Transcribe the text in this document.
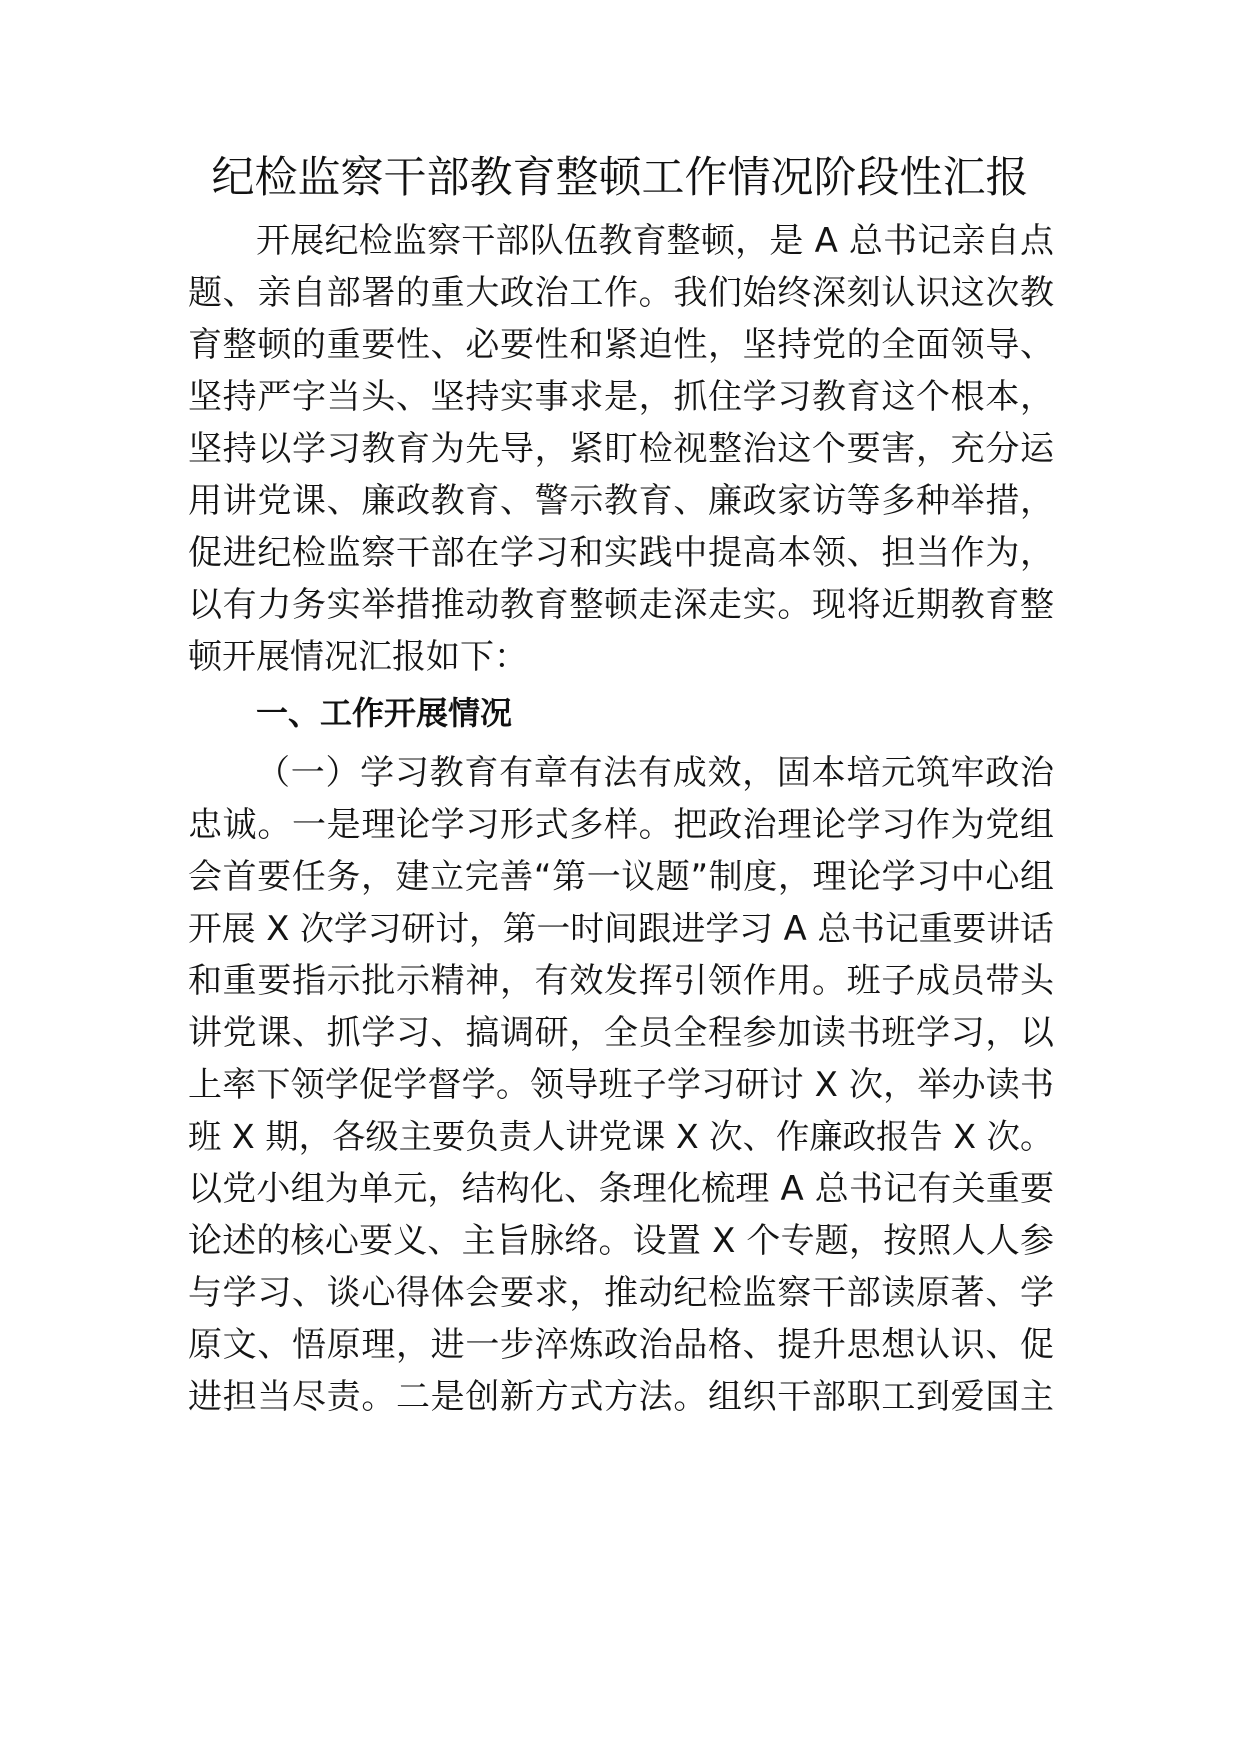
纪检监察干部教育整顿工作情况阶段性汇报
开展纪检监察干部队伍教育整顿，是 A 总书记亲自点
题、亲自部署的重大政治工作。我们始终深刻认识这次教
育整顿的重要性、必要性和紧迫性，坚持党的全面领导、
坚持严字当头、坚持实事求是，抓住学习教育这个根本，
坚持以学习教育为先导，紧盯检视整治这个要害，充分运
用讲党课、廉政教育、警示教育、廉政家访等多种举措，
促进纪检监察干部在学习和实践中提高本领、担当作为，
以有力务实举措推动教育整顿走深走实。现将近期教育整
顿开展情况汇报如下：
一、工作开展情况
（一）学习教育有章有法有成效，固本培元筑牢政治
忠诚。一是理论学习形式多样。把政治理论学习作为党组
会首要任务，建立完善“第一议题”制度，理论学习中心组
开展 X 次学习研讨，第一时间跟进学习 A 总书记重要讲话
和重要指示批示精神，有效发挥引领作用。班子成员带头
讲党课、抓学习、搞调研，全员全程参加读书班学习，以
上率下领学促学督学。领导班子学习研讨 X 次，举办读书
班 X 期，各级主要负责人讲党课 X 次、作廉政报告 X 次。
以党小组为单元，结构化、条理化梳理 A 总书记有关重要
论述的核心要义、主旨脉络。设置 X 个专题，按照人人参
与学习、谈心得体会要求，推动纪检监察干部读原著、学
原文、悟原理，进一步淬炼政治品格、提升思想认识、促
进担当尽责。二是创新方式方法。组织干部职工到爱国主
